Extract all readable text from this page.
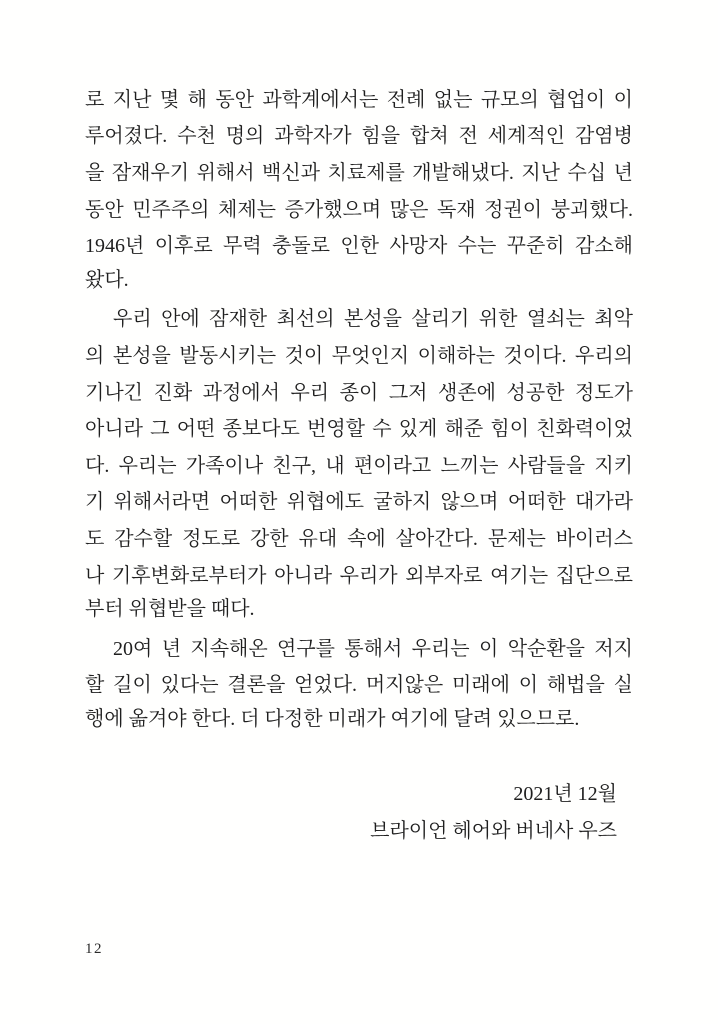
로 지난 몇 해 동안 과학계에서는 전례 없는 규모의 협업이 이
루어졌다. 수천 명의 과학자가 힘을 합쳐 전 세계적인 감염병
을 잠재우기 위해서 백신과 치료제를 개발해냈다. 지난 수십 년
동안 민주주의 체제는 증가했으며 많은 독재 정권이 붕괴했다.
1946년 이후로 무력 충돌로 인한 사망자 수는 꾸준히 감소해
왔다.
우리 안에 잠재한 최선의 본성을 살리기 위한 열쇠는 최악
의 본성을 발동시키는 것이 무엇인지 이해하는 것이다. 우리의
기나긴 진화 과정에서 우리 종이 그저 생존에 성공한 정도가
아니라 그 어떤 종보다도 번영할 수 있게 해준 힘이 친화력이었
다. 우리는 가족이나 친구, 내 편이라고 느끼는 사람들을 지키
기 위해서라면 어떠한 위협에도 굴하지 않으며 어떠한 대가라
도 감수할 정도로 강한 유대 속에 살아간다. 문제는 바이러스
나 기후변화로부터가 아니라 우리가 외부자로 여기는 집단으로
부터 위협받을 때다.
20여 년 지속해온 연구를 통해서 우리는 이 악순환을 저지
할 길이 있다는 결론을 얻었다. 머지않은 미래에 이 해법을 실
행에 옮겨야 한다. 더 다정한 미래가 여기에 달려 있으므로.
2021년 12월
브라이언 헤어와 버네사 우즈
12
